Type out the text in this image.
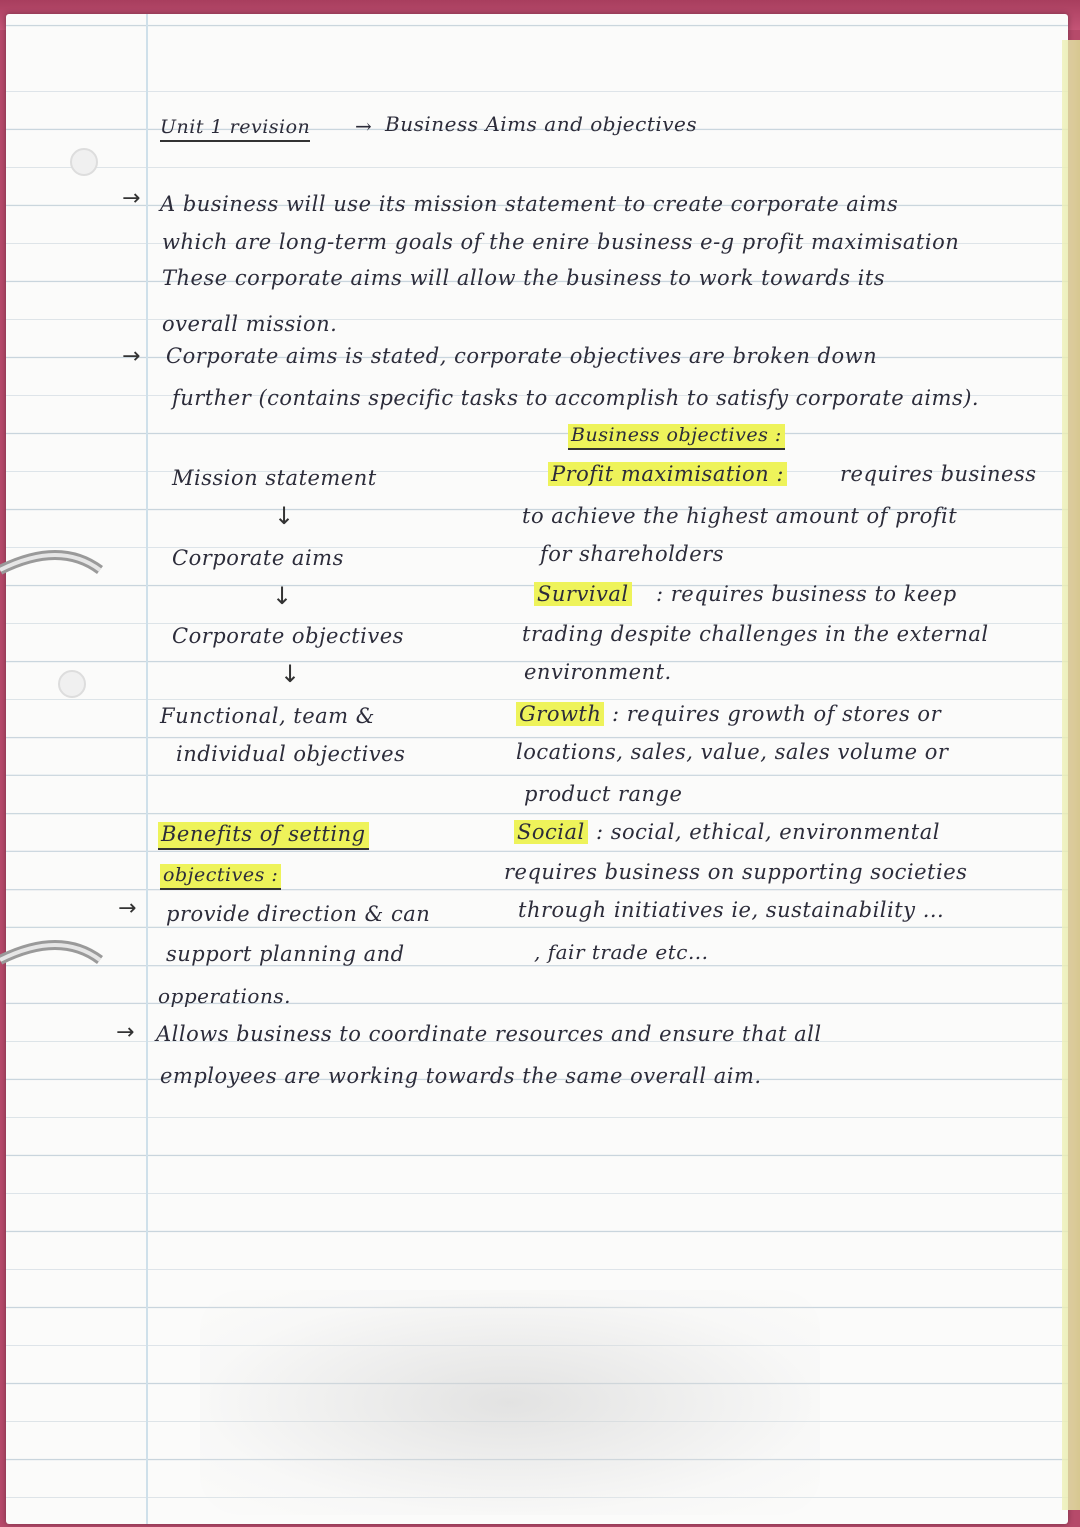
Unit 1 revision → Business Aims and objectives
→ A business will use its mission statement to create corporate aims
which are long-term goals of the enire business e-g profit maximisation
These corporate aims will allow the business to work towards its
overall mission.
→ Corporate aims is stated, corporate objectives are broken down
further (contains specific tasks to accomplish to satisfy corporate aims).
Mission statement
↓
Corporate aims
↓
Corporate objectives
↓
Functional, team &
individual objectives
Business objectives :
Profit maximisation :	requires business
to achieve the highest amount of profit
for shareholders
Survival : requires business to keep
trading despite challenges in the external
environment.
Growth : requires growth of stores or
locations, sales, value, sales volume or
product range
Social : social, ethical, environmental
requires business on supporting societies
through initiatives ie, sustainability ...
, fair trade etc...
Benefits of setting
objectives :
→ provide direction & can
support planning and
opperations.
→ Allows business to coordinate resources and ensure that all
employees are working towards the same overall aim.
